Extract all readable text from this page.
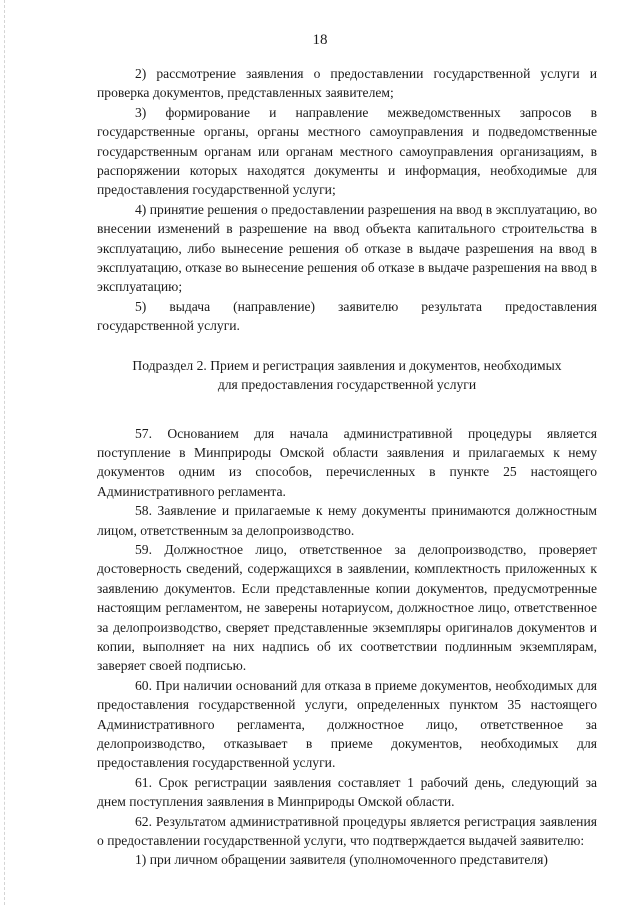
18

2) рассмотрение заявления о предоставлении государственной услуги и проверка документов, представленных заявителем;

3) формирование и направление межведомственных запросов в государственные органы, органы местного самоуправления и подведомственные государственным органам или органам местного самоуправления организациям, в распоряжении которых находятся документы и информация, необходимые для предоставления государственной услуги;

4) принятие решения о предоставлении разрешения на ввод в эксплуатацию, во внесении изменений в разрешение на ввод объекта капитального строительства в эксплуатацию, либо вынесение решения об отказе в выдаче разрешения на ввод в эксплуатацию, отказе во вынесение решения об отказе в выдаче разрешения на ввод в эксплуатацию;

5) выдача (направление) заявителю результата предоставления государственной услуги.

Подраздел 2. Прием и регистрация заявления и документов, необходимых
для предоставления государственной услуги

57. Основанием для начала административной процедуры является поступление в Минприроды Омской области заявления и прилагаемых к нему документов одним из способов, перечисленных в пункте 25 настоящего Административного регламента.

58. Заявление и прилагаемые к нему документы принимаются должностным лицом, ответственным за делопроизводство.

59. Должностное лицо, ответственное за делопроизводство, проверяет достоверность сведений, содержащихся в заявлении, комплектность приложенных к заявлению документов. Если представленные копии документов, предусмотренные настоящим регламентом, не заверены нотариусом, должностное лицо, ответственное за делопроизводство, сверяет представленные экземпляры оригиналов документов и копии, выполняет на них надпись об их соответствии подлинным экземплярам, заверяет своей подписью.

60. При наличии оснований для отказа в приеме документов, необходимых для предоставления государственной услуги, определенных пунктом 35 настоящего Административного регламента, должностное лицо, ответственное за делопроизводство, отказывает в приеме документов, необходимых для предоставления государственной услуги.

61. Срок регистрации заявления составляет 1 рабочий день, следующий за днем поступления заявления в Минприроды Омской области.

62. Результатом административной процедуры является регистрация заявления о предоставлении государственной услуги, что подтверждается выдачей заявителю:

1) при личном обращении заявителя (уполномоченного представителя)
